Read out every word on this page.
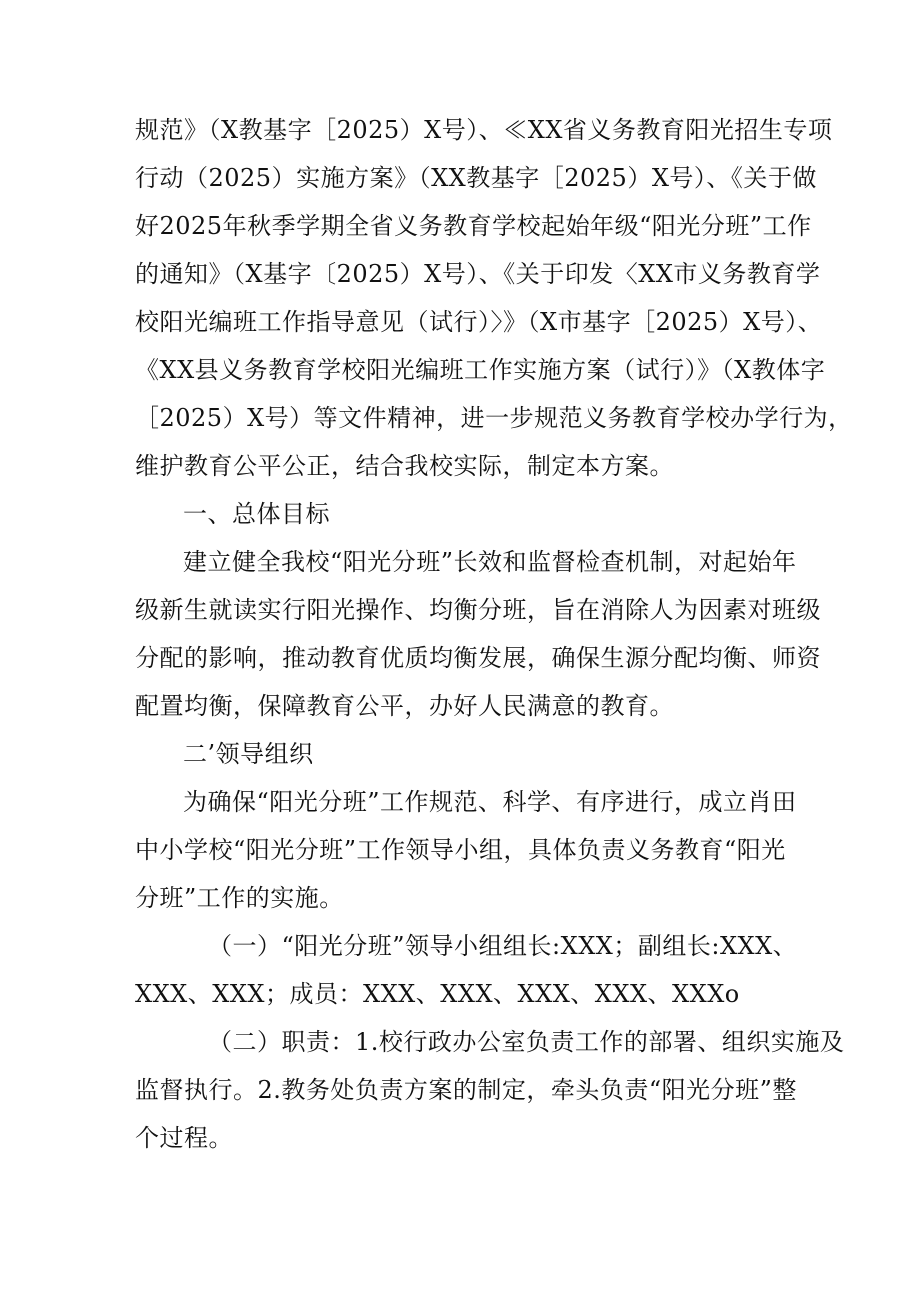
规范》（X教基字［2025）X号）、≪XX省义务教育阳光招生专项
行动（2025）实施方案》（XX教基字［2025）X号）、《关于做
好2025年秋季学期全省义务教育学校起始年级“阳光分班”工作
的通知》（X基字〔2025）X号）、《关于印发〈XX市义务教育学
校阳光编班工作指导意见（试行）〉》（X市基字［2025）X号）、
《XX县义务教育学校阳光编班工作实施方案（试行）》（X教体字
［2025）X号）等文件精神，进一步规范义务教育学校办学行为，
维护教育公平公正，结合我校实际，制定本方案。
一、总体目标
建立健全我校“阳光分班”长效和监督检查机制，对起始年
级新生就读实行阳光操作、均衡分班，旨在消除人为因素对班级
分配的影响，推动教育优质均衡发展，确保生源分配均衡、师资
配置均衡，保障教育公平，办好人民满意的教育。
二’领导组织
为确保“阳光分班”工作规范、科学、有序进行，成立肖田
中小学校“阳光分班”工作领导小组，具体负责义务教育“阳光
分班”工作的实施。
（一）“阳光分班”领导小组组长:XXX；副组长:XXX、
XXX、XXX；成员：XXX、XXX、XXX、XXX、XXXo
（二）职责：1.校行政办公室负责工作的部署、组织实施及
监督执行。2.教务处负责方案的制定，牵头负责“阳光分班”整
个过程。
